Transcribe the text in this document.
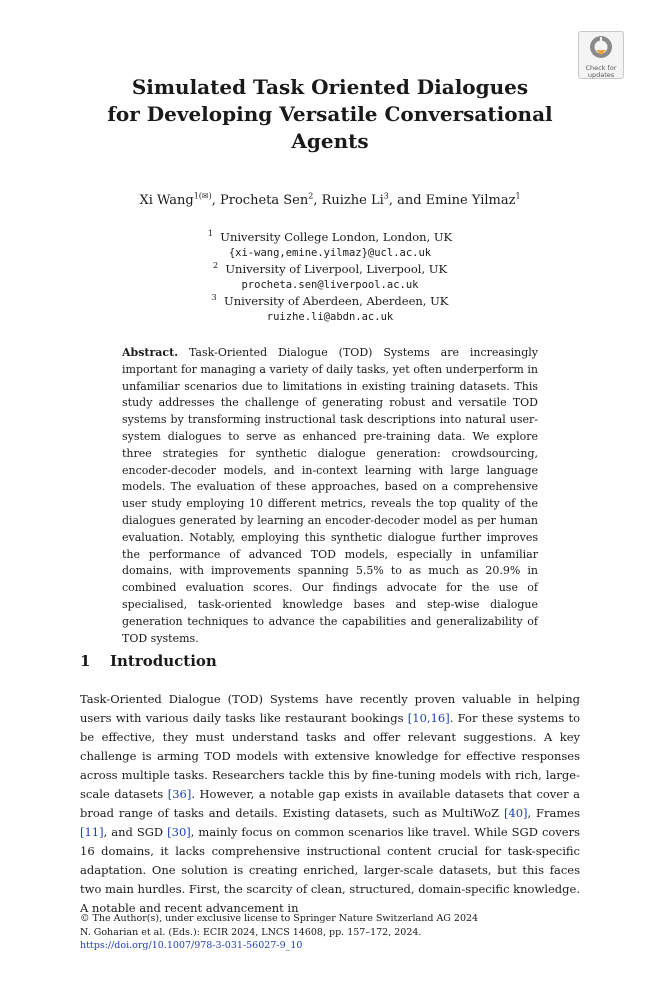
Check for
updates
Simulated Task Oriented Dialogues
for Developing Versatile Conversational
Agents
Xi Wang$^{1(✉)}$, Procheta Sen$^2$, Ruizhe Li$^3$, and Emine Yilmaz$^1$
$^1$ University College London, London, UK
{xi-wang,emine.yilmaz}@ucl.ac.uk
$^2$ University of Liverpool, Liverpool, UK
procheta.sen@liverpool.ac.uk
$^3$ University of Aberdeen, Aberdeen, UK
ruizhe.li@abdn.ac.uk

Abstract. Task-Oriented Dialogue (TOD) Systems are increasingly important for managing a variety of daily tasks, yet often underperform in unfamiliar scenarios due to limitations in existing training datasets. This study addresses the challenge of generating robust and versatile TOD systems by transforming instructional task descriptions into natural user-system dialogues to serve as enhanced pre-training data. We explore three strategies for synthetic dialogue generation: crowdsourcing, encoder-decoder models, and in-context learning with large language models. The evaluation of these approaches, based on a comprehensive user study employing 10 different metrics, reveals the top quality of the dialogues generated by learning an encoder-decoder model as per human evaluation. Notably, employing this synthetic dialogue further improves the performance of advanced TOD models, especially in unfamiliar domains, with improvements spanning 5.5% to as much as 20.9% in combined evaluation scores. Our findings advocate for the use of specialised, task-oriented knowledge bases and step-wise dialogue generation techniques to advance the capabilities and generalizability of TOD systems.

1 Introduction

Task-Oriented Dialogue (TOD) Systems have recently proven valuable in helping users with various daily tasks like restaurant bookings [10,16]. For these systems to be effective, they must understand tasks and offer relevant suggestions. A key challenge is arming TOD models with extensive knowledge for effective responses across multiple tasks. Researchers tackle this by fine-tuning models with rich, large-scale datasets [36]. However, a notable gap exists in available datasets that cover a broad range of tasks and details. Existing datasets, such as MultiWoZ [40], Frames [11], and SGD [30], mainly focus on common scenarios like travel. While SGD covers 16 domains, it lacks comprehensive instructional content crucial for task-specific adaptation. One solution is creating enriched, larger-scale datasets, but this faces two main hurdles. First, the scarcity of clean, structured, domain-specific knowledge. A notable and recent advancement in

© The Author(s), under exclusive license to Springer Nature Switzerland AG 2024
N. Goharian et al. (Eds.): ECIR 2024, LNCS 14608, pp. 157–172, 2024.
https://doi.org/10.1007/978-3-031-56027-9_10
